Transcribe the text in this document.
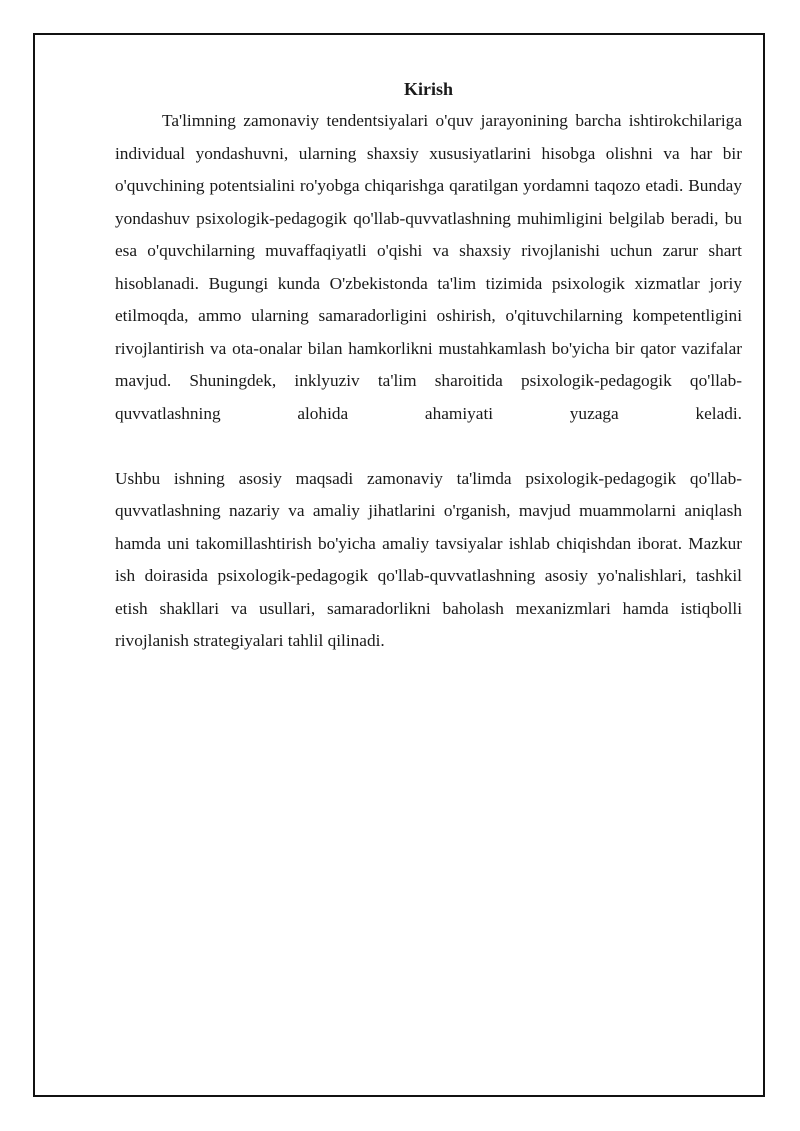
Kirish

Ta'limning zamonaviy tendentsiyalari o'quv jarayonining barcha ishtirokchilariga individual yondashuvni, ularning shaxsiy xususiyatlarini hisobga olishni va har bir o'quvchining potentsialini ro'yobga chiqarishga qaratilgan yordamni taqozo etadi. Bunday yondashuv psixologik-pedagogik qo'llab-quvvatlashning muhimligini belgilab beradi, bu esa o'quvchilarning muvaffaqiyatli o'qishi va shaxsiy rivojlanishi uchun zarur shart hisoblanadi. Bugungi kunda O'zbekistonda ta'lim tizimida psixologik xizmatlar joriy etilmoqda, ammo ularning samaradorligini oshirish, o'qituvchilarning kompetentligini rivojlantirish va ota-onalar bilan hamkorlikni mustahkamlash bo'yicha bir qator vazifalar mavjud. Shuningdek, inklyuziv ta'lim sharoitida psixologik-pedagogik qo'llab-quvvatlashning alohida ahamiyati yuzaga keladi.

Ushbu ishning asosiy maqsadi zamonaviy ta'limda psixologik-pedagogik qo'llab-quvvatlashning nazariy va amaliy jihatlarini o'rganish, mavjud muammolarni aniqlash hamda uni takomillashtirish bo'yicha amaliy tavsiyalar ishlab chiqishdan iborat. Mazkur ish doirasida psixologik-pedagogik qo'llab-quvvatlashning asosiy yo'nalishlari, tashkil etish shakllari va usullari, samaradorlikni baholash mexanizmlari hamda istiqbolli rivojlanish strategiyalari tahlil qilinadi.
